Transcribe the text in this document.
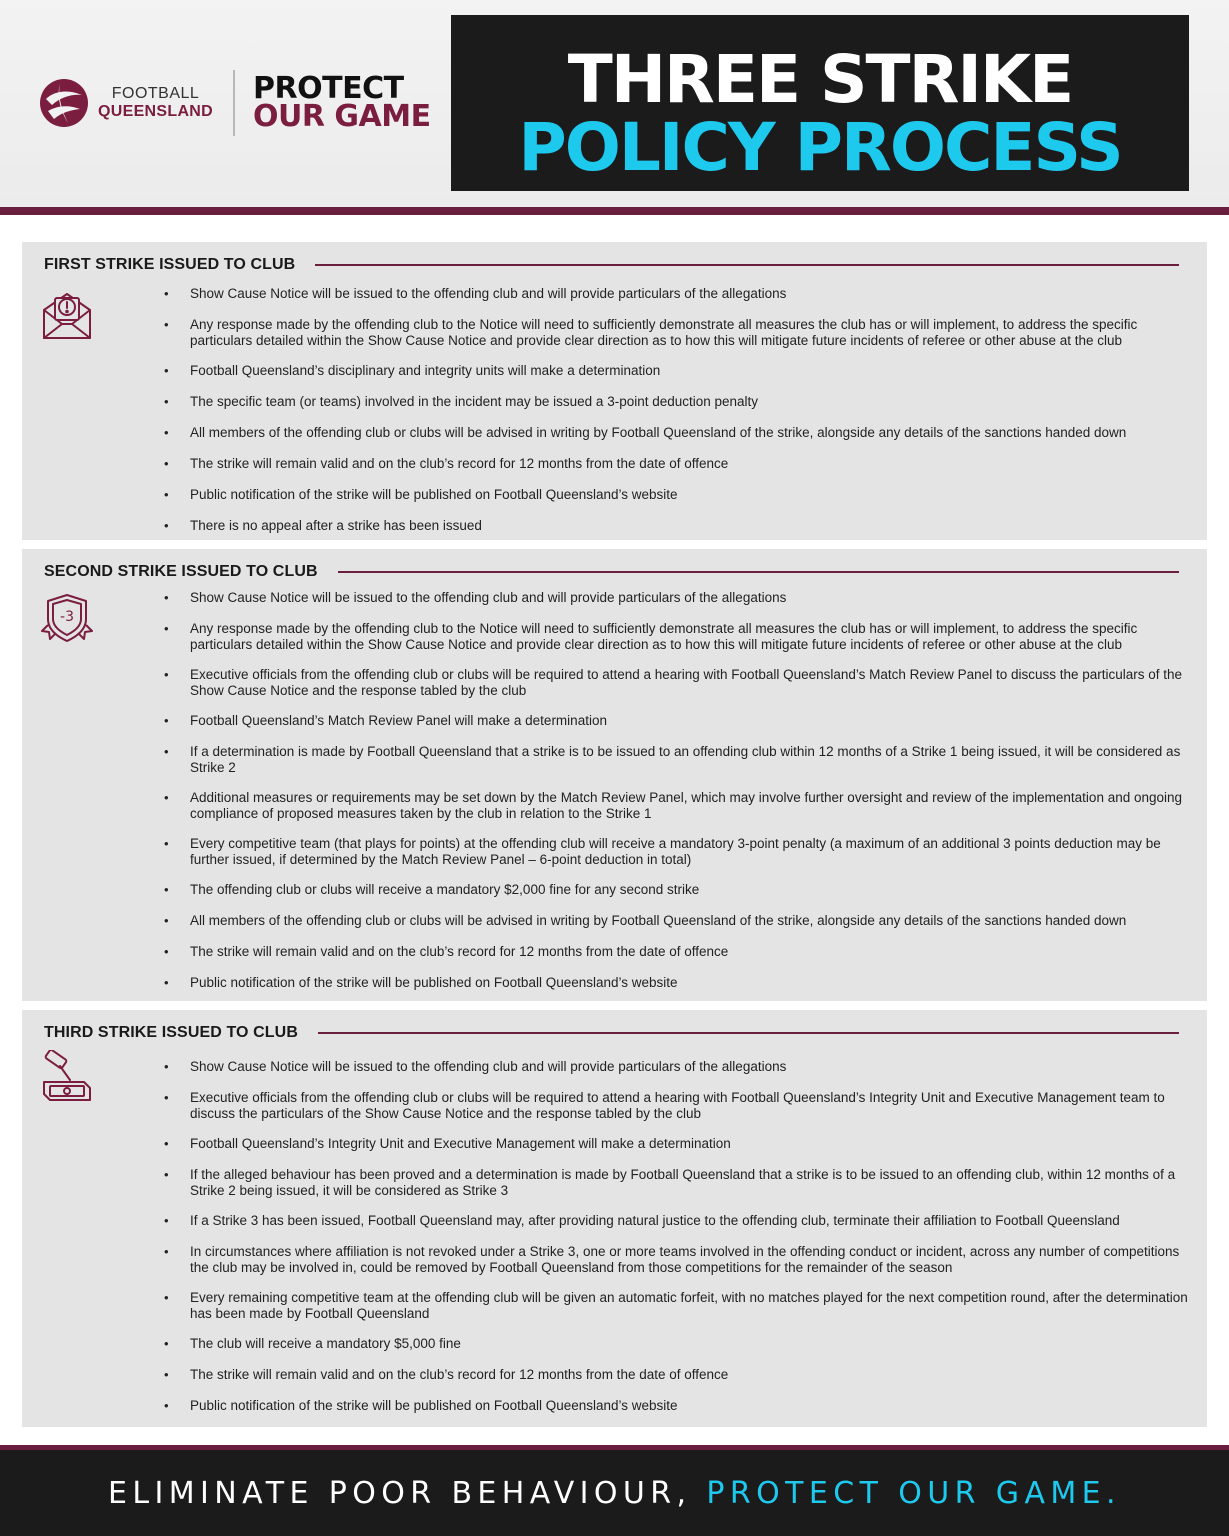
FOOTBALL
QUEENSLAND
PROTECT
OUR GAME	THREE STRIKE
POLICY PROCESS
FIRST STRIKE ISSUED TO CLUB
• Show Cause Notice will be issued to the offending club and will provide particulars of the allegations
• Any response made by the offending club to the Notice will need to sufficiently demonstrate all measures the club has or will implement, to address the specific particulars detailed within the Show Cause Notice and provide clear direction as to how this will mitigate future incidents of referee or other abuse at the club
• Football Queensland’s disciplinary and integrity units will make a determination
• The specific team (or teams) involved in the incident may be issued a 3-point deduction penalty
• All members of the offending club or clubs will be advised in writing by Football Queensland of the strike, alongside any details of the sanctions handed down
• The strike will remain valid and on the club’s record for 12 months from the date of offence
• Public notification of the strike will be published on Football Queensland’s website
• There is no appeal after a strike has been issued
SECOND STRIKE ISSUED TO CLUB
-3
• Show Cause Notice will be issued to the offending club and will provide particulars of the allegations
• Any response made by the offending club to the Notice will need to sufficiently demonstrate all measures the club has or will implement, to address the specific particulars detailed within the Show Cause Notice and provide clear direction as to how this will mitigate future incidents of referee or other abuse at the club
• Executive officials from the offending club or clubs will be required to attend a hearing with Football Queensland’s Match Review Panel to discuss the particulars of the Show Cause Notice and the response tabled by the club
• Football Queensland’s Match Review Panel will make a determination
• If a determination is made by Football Queensland that a strike is to be issued to an offending club within 12 months of a Strike 1 being issued, it will be considered as Strike 2
• Additional measures or requirements may be set down by the Match Review Panel, which may involve further oversight and review of the implementation and ongoing compliance of proposed measures taken by the club in relation to the Strike 1
• Every competitive team (that plays for points) at the offending club will receive a mandatory 3-point penalty (a maximum of an additional 3 points deduction may be further issued, if determined by the Match Review Panel – 6-point deduction in total)
• The offending club or clubs will receive a mandatory $2,000 fine for any second strike
• All members of the offending club or clubs will be advised in writing by Football Queensland of the strike, alongside any details of the sanctions handed down
• The strike will remain valid and on the club’s record for 12 months from the date of offence
• Public notification of the strike will be published on Football Queensland’s website
THIRD STRIKE ISSUED TO CLUB
• Show Cause Notice will be issued to the offending club and will provide particulars of the allegations
• Executive officials from the offending club or clubs will be required to attend a hearing with Football Queensland’s Integrity Unit and Executive Management team to discuss the particulars of the Show Cause Notice and the response tabled by the club
• Football Queensland’s Integrity Unit and Executive Management will make a determination
• If the alleged behaviour has been proved and a determination is made by Football Queensland that a strike is to be issued to an offending club, within 12 months of a Strike 2 being issued, it will be considered as Strike 3
• If a Strike 3 has been issued, Football Queensland may, after providing natural justice to the offending club, terminate their affiliation to Football Queensland
• In circumstances where affiliation is not revoked under a Strike 3, one or more teams involved in the offending conduct or incident, across any number of competitions the club may be involved in, could be removed by Football Queensland from those competitions for the remainder of the season
• Every remaining competitive team at the offending club will be given an automatic forfeit, with no matches played for the next competition round, after the determination has been made by Football Queensland
• The club will receive a mandatory $5,000 fine
• The strike will remain valid and on the club’s record for 12 months from the date of offence
• Public notification of the strike will be published on Football Queensland’s website
ELIMINATE POOR BEHAVIOUR, PROTECT OUR GAME.
